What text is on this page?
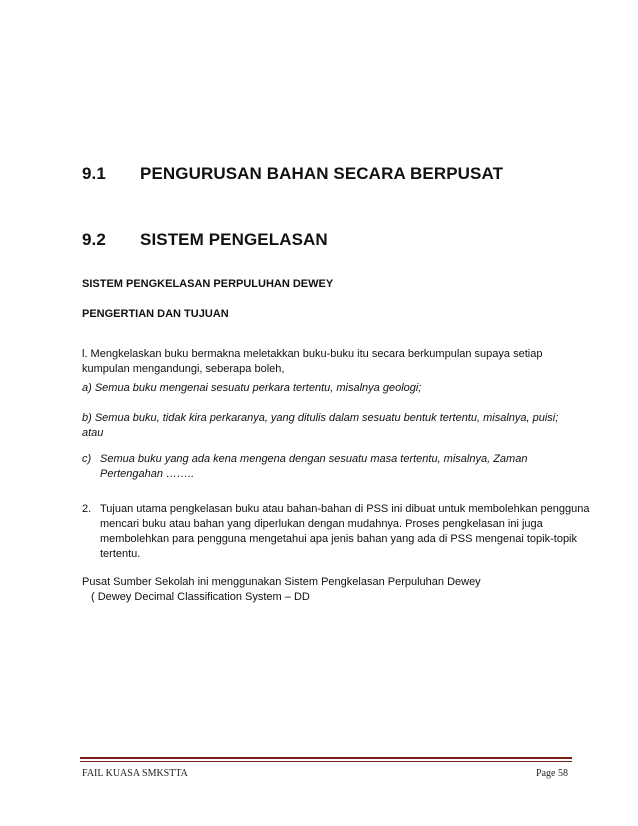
9.1 PENGURUSAN BAHAN SECARA BERPUSAT
9.2 SISTEM PENGELASAN
SISTEM PENGKELASAN PERPULUHAN DEWEY
PENGERTIAN DAN TUJUAN
l. Mengkelaskan buku bermakna meletakkan buku-buku itu secara berkumpulan supaya setiap kumpulan mengandungi, seberapa boleh,
a) Semua buku mengenai sesuatu perkara tertentu, misalnya geologi;
b) Semua buku, tidak kira perkaranya, yang ditulis dalam sesuatu bentuk tertentu, misalnya, puisi; atau
c) Semua buku yang ada kena mengena dengan sesuatu masa tertentu, misalnya, Zaman Pertengahan ……..
2. Tujuan utama pengkelasan buku atau bahan-bahan di PSS ini dibuat untuk membolehkan pengguna mencari buku atau bahan yang diperlukan dengan mudahnya. Proses pengkelasan ini juga membolehkan para pengguna mengetahui apa jenis bahan yang ada di PSS mengenai topik-topik tertentu.
Pusat Sumber Sekolah ini menggunakan Sistem Pengkelasan Perpuluhan Dewey
( Dewey Decimal Classification System – DD
FAIL KUASA SMKSTTA	Page 58
